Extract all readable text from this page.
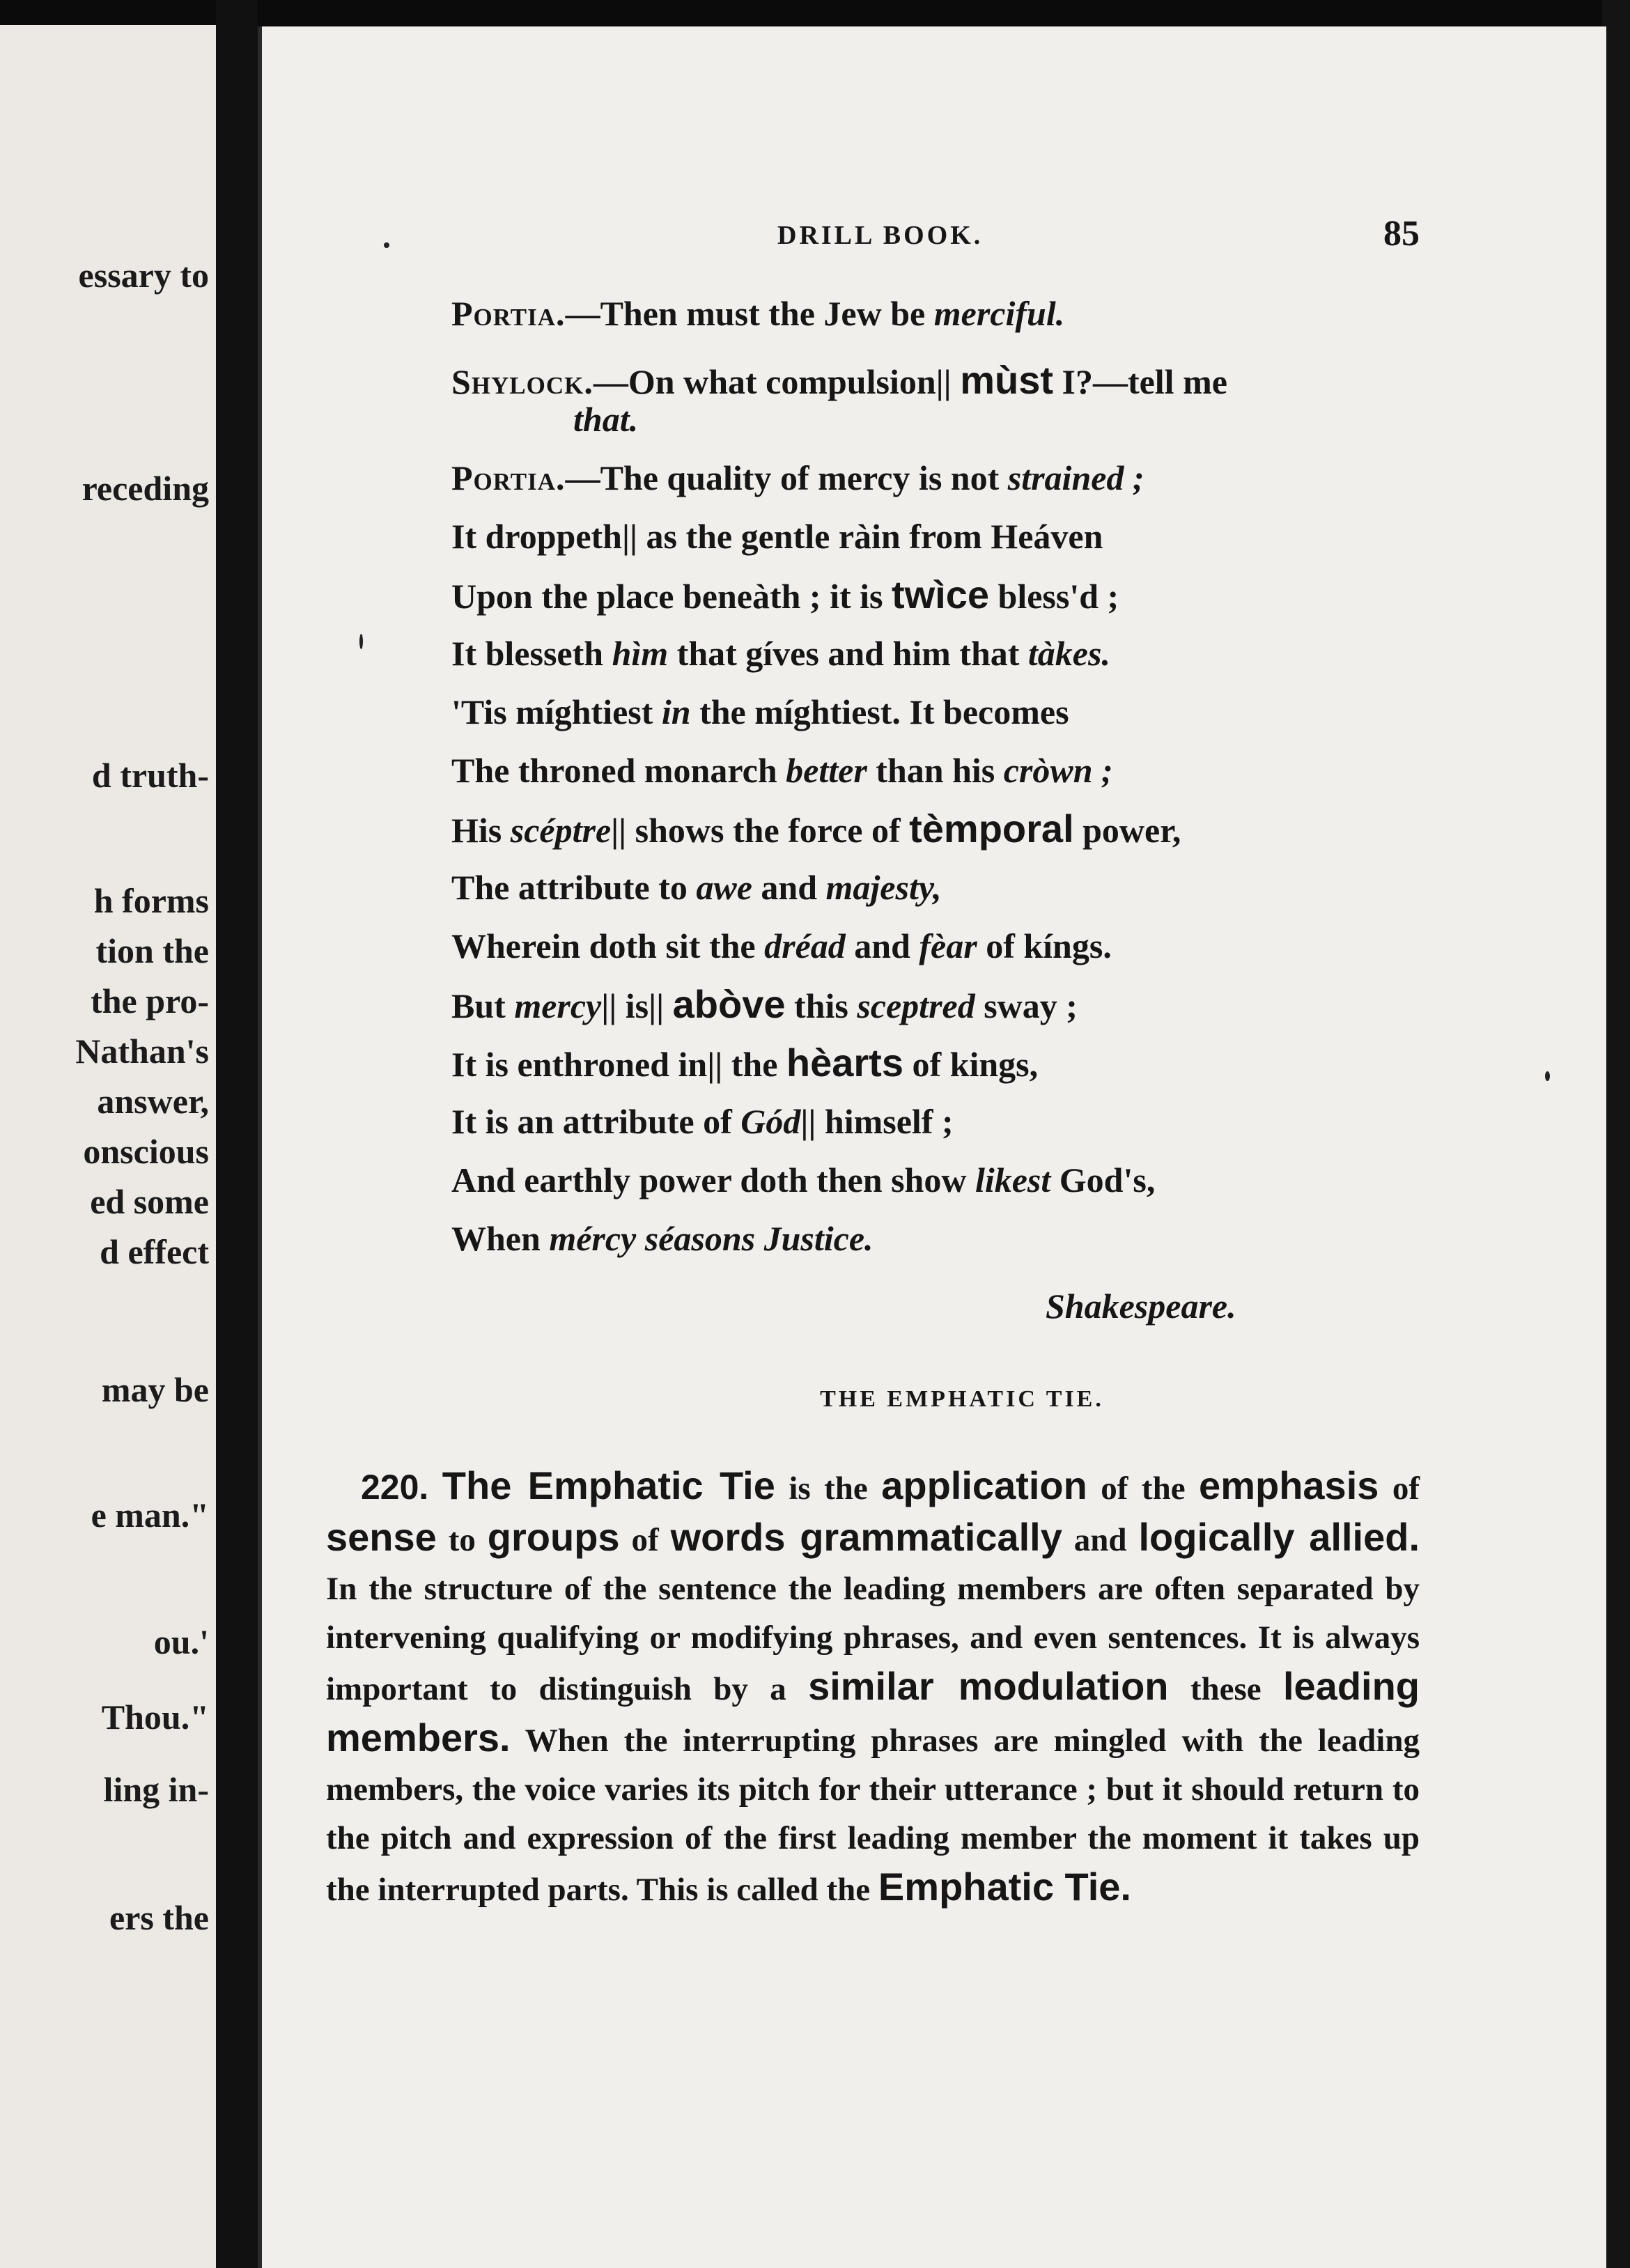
essary to
receding
d truth-
h forms
tion the
the pro-
Nathan's
answer,
onscious
ed some
d effect
may be
e man."
ou.'
Thou."
ling in-
ers the
DRILL BOOK.	85
Portia.—Then must the Jew be merciful.
Shylock.—On what compulsion|| mùst I?—tell me
that.
Portia.—The quality of mercy is not strained ;
It droppeth|| as the gentle ràin from Heáven
Upon the place beneàth ; it is twìce bless'd ;
It blesseth hìm that gíves and him that tàkes.
'Tis míghtiest in the míghtiest. It becomes
The throned monarch better than his cròwn ;
His scéptre|| shows the force of tèmporal power,
The attribute to awe and majesty,
Wherein doth sit the dréad and fèar of kíngs.
But mercy|| is|| abòve this sceptred sway ;
It is enthroned in|| the hèarts of kings,
It is an attribute of Gód|| himself ;
And earthly power doth then show likest God's,
When mércy séasons Justice.
Shakespeare.
THE EMPHATIC TIE.
220. The Emphatic Tie is the application of the emphasis of sense to groups of words grammatically and logically allied. In the structure of the sentence the leading members are often separated by intervening qualifying or modifying phrases, and even sentences. It is always important to distinguish by a similar modulation these leading members. When the interrupting phrases are mingled with the leading members, the voice varies its pitch for their utterance ; but it should return to the pitch and expression of the first leading member the moment it takes up the interrupted parts. This is called the Emphatic Tie.
